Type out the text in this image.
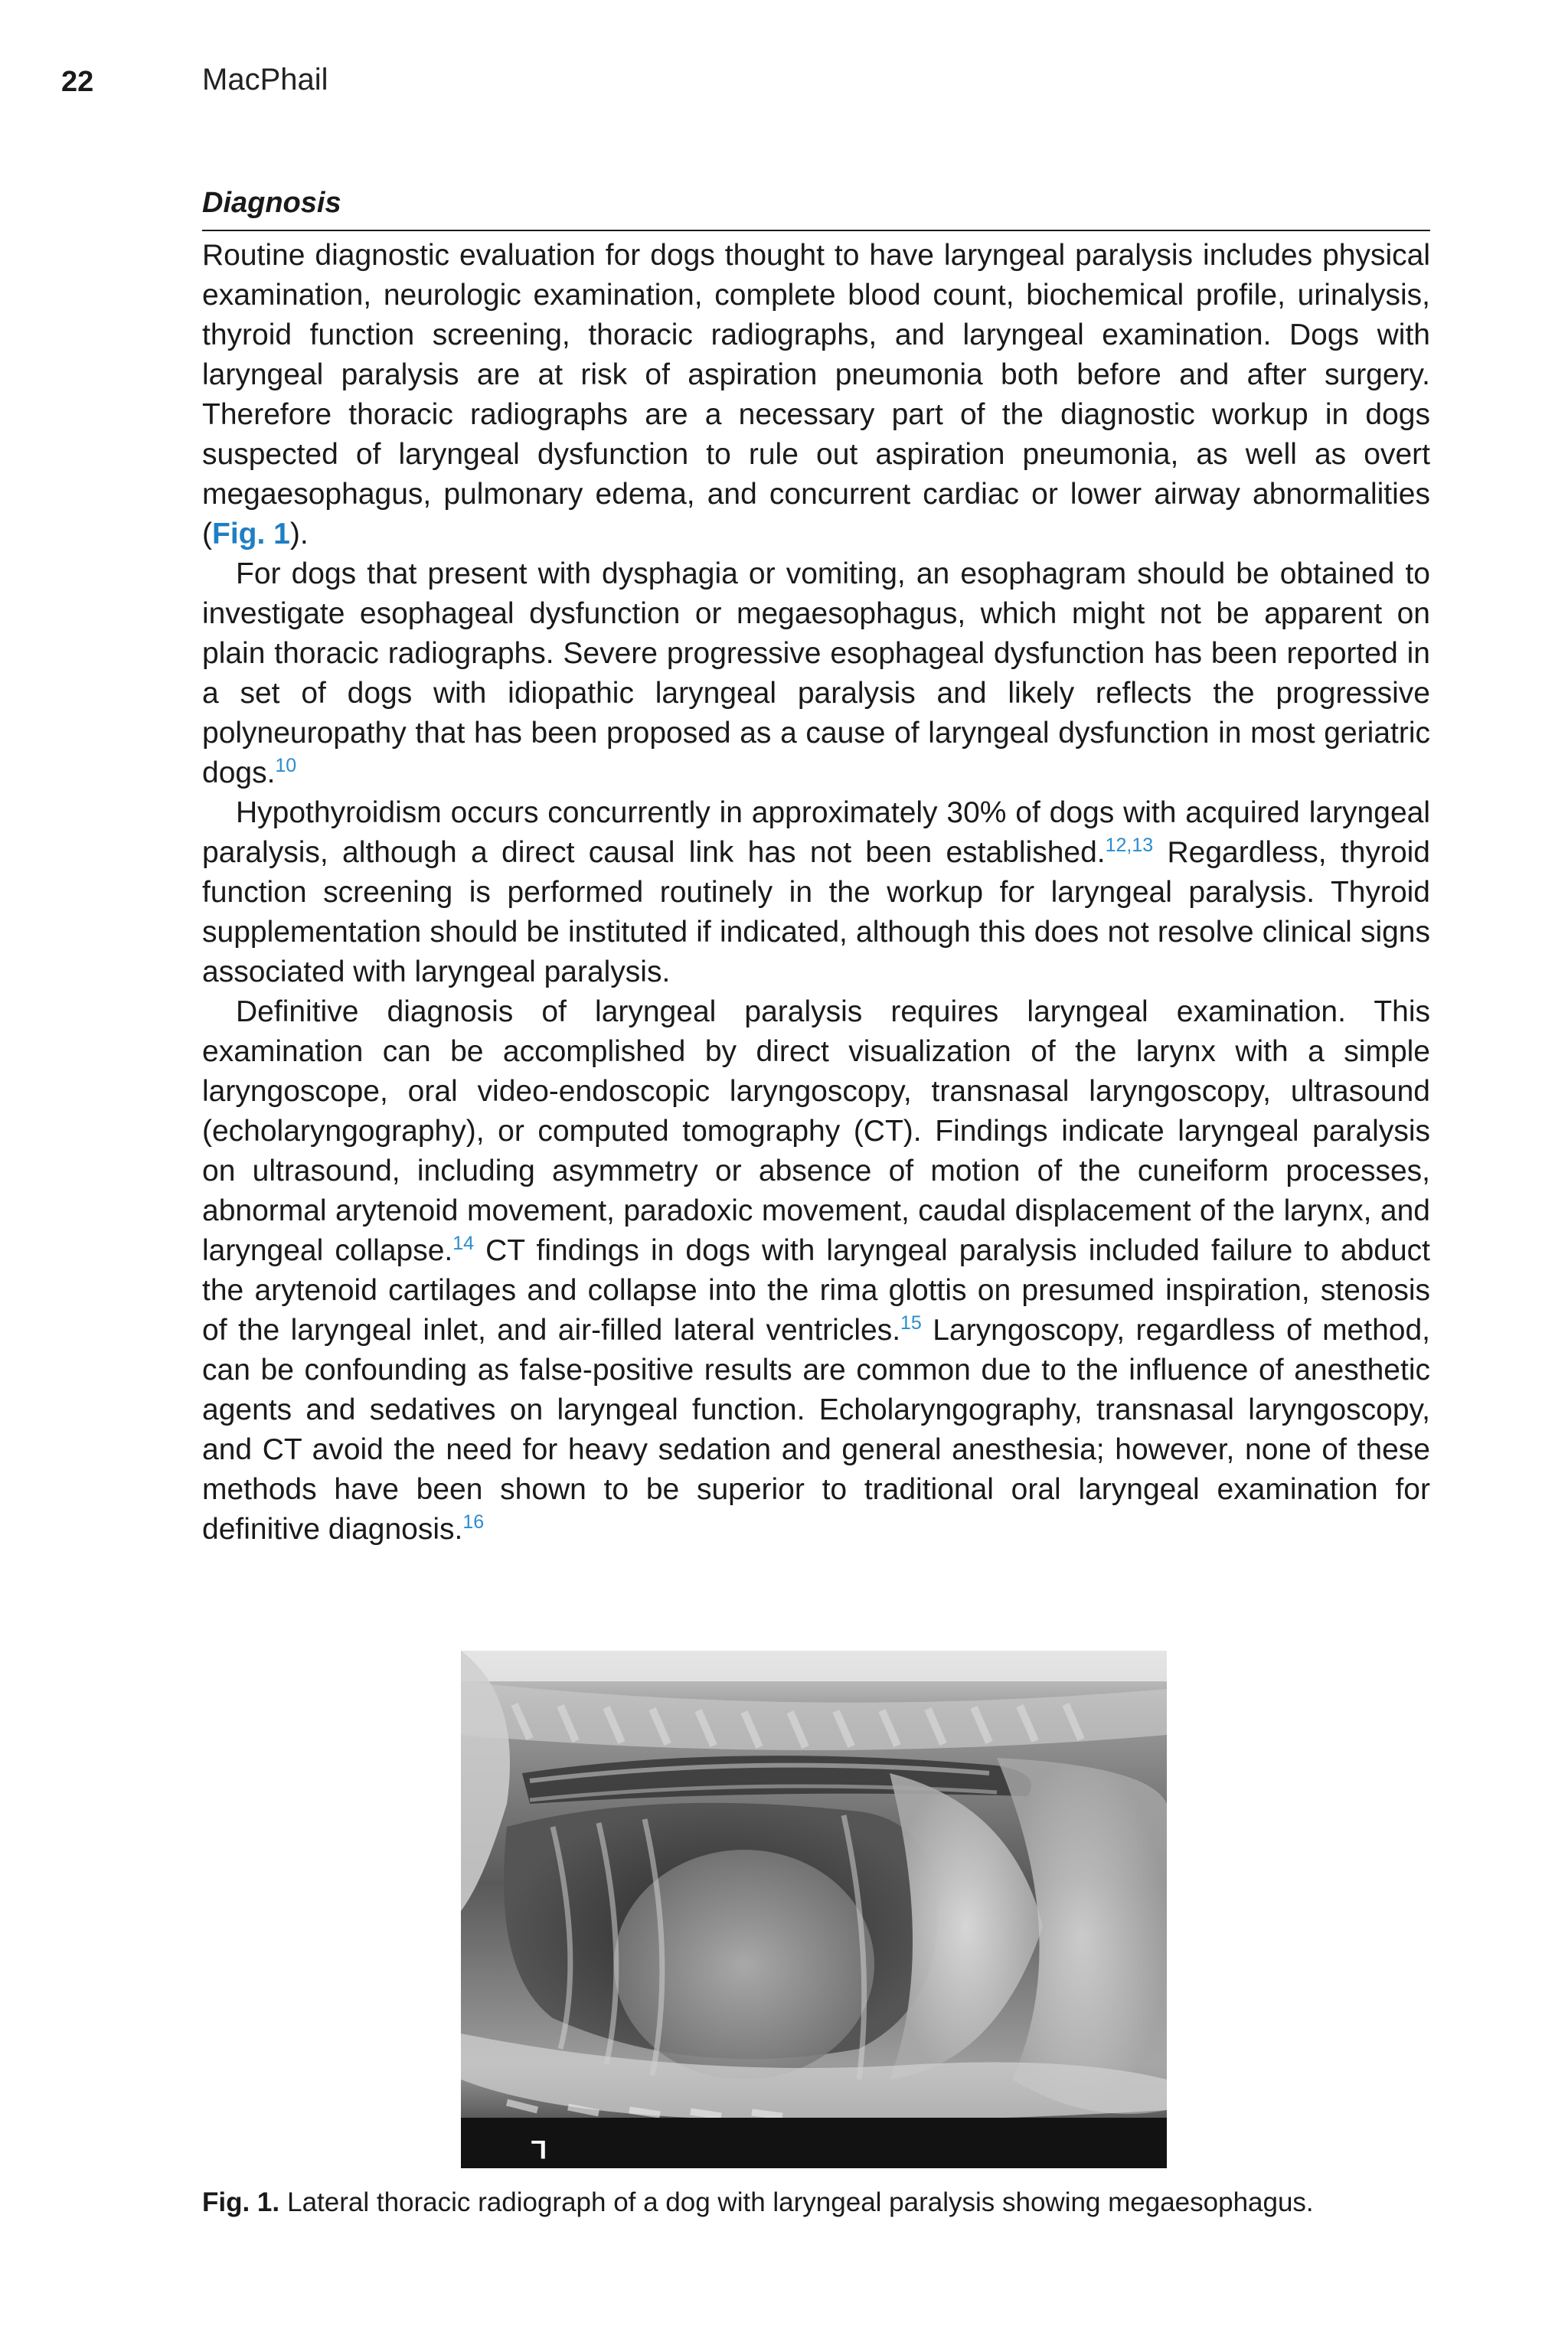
22	MacPhail
Diagnosis

Routine diagnostic evaluation for dogs thought to have laryngeal paralysis includes physical examination, neurologic examination, complete blood count, biochemical profile, urinalysis, thyroid function screening, thoracic radiographs, and laryngeal examination. Dogs with laryngeal paralysis are at risk of aspiration pneumonia both before and after surgery. Therefore thoracic radiographs are a necessary part of the diagnostic workup in dogs suspected of laryngeal dysfunction to rule out aspiration pneumonia, as well as overt megaesophagus, pulmonary edema, and concurrent cardiac or lower airway abnormalities (Fig. 1).

For dogs that present with dysphagia or vomiting, an esophagram should be obtained to investigate esophageal dysfunction or megaesophagus, which might not be apparent on plain thoracic radiographs. Severe progressive esophageal dysfunction has been reported in a set of dogs with idiopathic laryngeal paralysis and likely reflects the progressive polyneuropathy that has been proposed as a cause of laryngeal dysfunction in most geriatric dogs.$^{10}$

Hypothyroidism occurs concurrently in approximately 30% of dogs with acquired laryngeal paralysis, although a direct causal link has not been established.$^{12,13}$ Regardless, thyroid function screening is performed routinely in the workup for laryngeal paralysis. Thyroid supplementation should be instituted if indicated, although this does not resolve clinical signs associated with laryngeal paralysis.

Definitive diagnosis of laryngeal paralysis requires laryngeal examination. This examination can be accomplished by direct visualization of the larynx with a simple laryngoscope, oral video-endoscopic laryngoscopy, transnasal laryngoscopy, ultrasound (echolaryngography), or computed tomography (CT). Findings indicate laryngeal paralysis on ultrasound, including asymmetry or absence of motion of the cuneiform processes, abnormal arytenoid movement, paradoxic movement, caudal displacement of the larynx, and laryngeal collapse.$^{14}$ CT findings in dogs with laryngeal paralysis included failure to abduct the arytenoid cartilages and collapse into the rima glottis on presumed inspiration, stenosis of the laryngeal inlet, and air-filled lateral ventricles.$^{15}$ Laryngoscopy, regardless of method, can be confounding as false-positive results are common due to the influence of anesthetic agents and sedatives on laryngeal function. Echolaryngography, transnasal laryngoscopy, and CT avoid the need for heavy sedation and general anesthesia; however, none of these methods have been shown to be superior to traditional oral laryngeal examination for definitive diagnosis.$^{16}$

L
Fig. 1. Lateral thoracic radiograph of a dog with laryngeal paralysis showing megaesophagus.
